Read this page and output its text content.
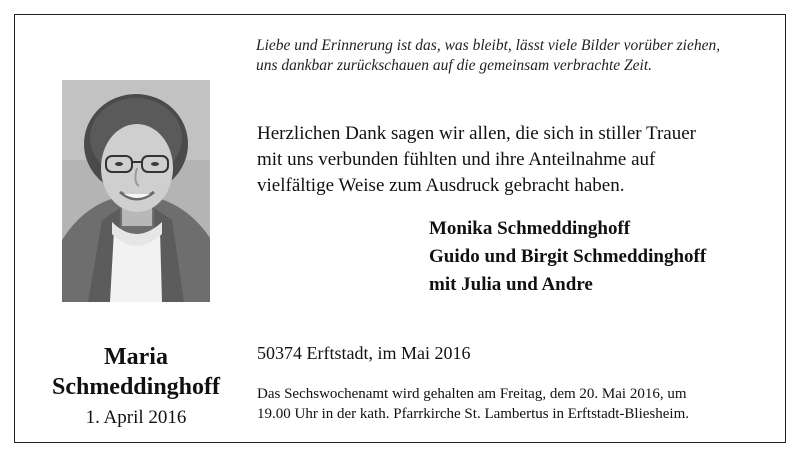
Liebe und Erinnerung ist das, was bleibt, lässt viele Bilder vorüber ziehen,
uns dankbar zurückschauen auf die gemeinsam verbrachte Zeit.

Herzlichen Dank sagen wir allen, die sich in stiller Trauer
mit uns verbunden fühlten und ihre Anteilnahme auf
vielfältige Weise zum Ausdruck gebracht haben.

Monika Schmeddinghoff
Guido und Birgit Schmeddinghoff
mit Julia und Andre

Maria
Schmeddinghoff
1. April 2016
50374 Erftstadt, im Mai 2016

Das Sechswochenamt wird gehalten am Freitag, dem 20. Mai 2016, um
19.00 Uhr in der kath. Pfarrkirche St. Lambertus in Erftstadt-Bliesheim.
